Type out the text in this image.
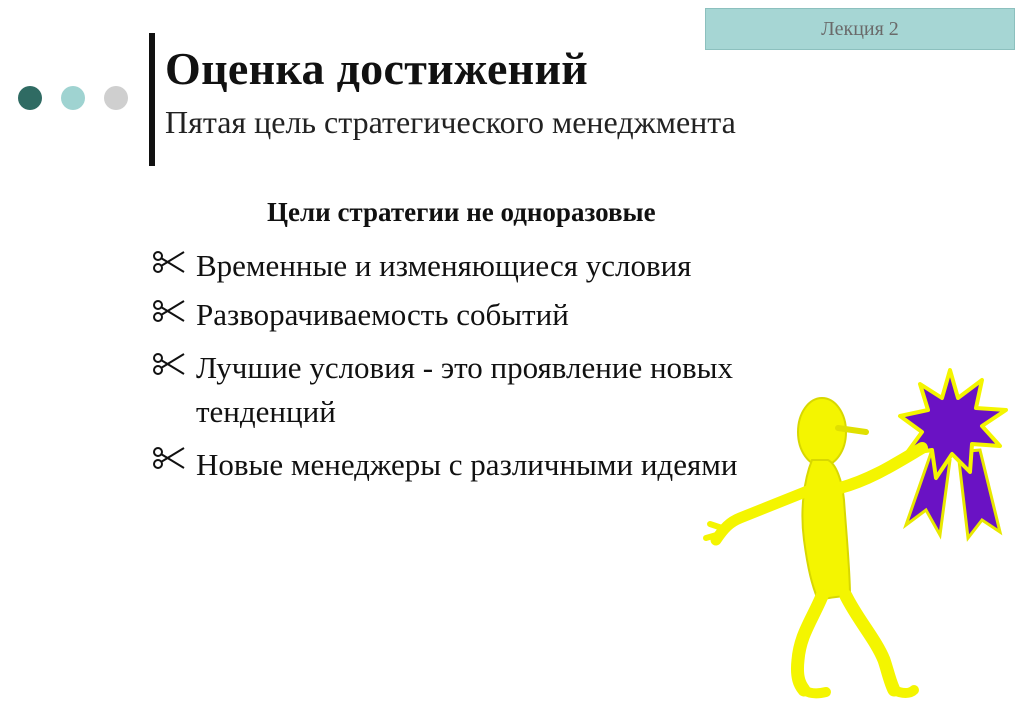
Лекция 2
Оценка достижений
Пятая цель стратегического менеджмента
Цели стратегии не одноразовые
Временные и изменяющиеся условия
Разворачиваемость событий
Лучшие условия - это проявление новых тенденций
Новые менеджеры с различными идеями
